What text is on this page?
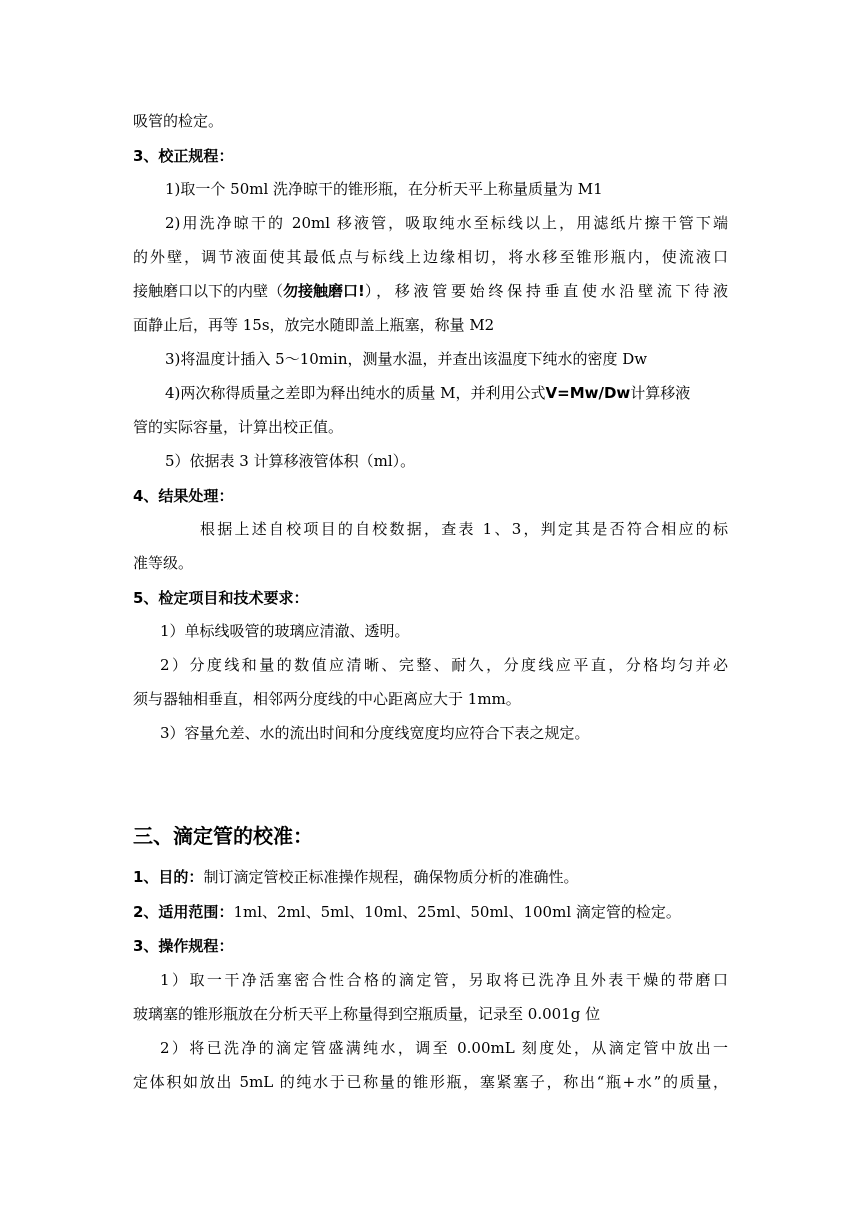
吸管的检定。
3、校正规程：
1)取一个 50ml 洗净晾干的锥形瓶，在分析天平上称量质量为 M1
2)用洗净晾干的 20ml 移液管，吸取纯水至标线以上，用滤纸片擦干管下端
的外壁，调节液面使其最低点与标线上边缘相切，将水移至锥形瓶内，使流液口
接触磨口以下的内壁（ 勿接触磨口! ），移液管要始终保持垂直使水沿壁流下待液
面静止后，再等 15s，放完水随即盖上瓶塞，称量 M2
3)将温度计插入 5～10min，测量水温，并查出该温度下纯水的密度 Dw
4)两次称得质量之差即为释出纯水的质量 M，并利用公式 V=Mw/Dw 计算移液
管的实际容量，计算出校正值。
5）依据表 3 计算移液管体积（ml）。
4、结果处理：
根据上述自校项目的自校数据，查表 1、3，判定其是否符合相应的标
准等级。
5、检定项目和技术要求：
1）单标线吸管的玻璃应清澈、透明。
2）分度线和量的数值应清晰、完整、耐久，分度线应平直，分格均匀并必
须与器轴相垂直，相邻两分度线的中心距离应大于 1mm。
3）容量允差、水的流出时间和分度线宽度均应符合下表之规定。
三、滴定管的校准：
1、目的：制订滴定管校正标准操作规程，确保物质分析的准确性。
2、适用范围：1ml、2ml、5ml、10ml、25ml、50ml、100ml 滴定管的检定。
3、操作规程：
1）取一干净活塞密合性合格的滴定管，另取将已洗净且外表干燥的带磨口
玻璃塞的锥形瓶放在分析天平上称量得到空瓶质量，记录至 0.001g 位
2）将已洗净的滴定管盛满纯水，调至 0.00mL 刻度处，从滴定管中放出一
定体积如放出 5mL 的纯水于已称量的锥形瓶，塞紧塞子，称出“瓶+水”的质量，
